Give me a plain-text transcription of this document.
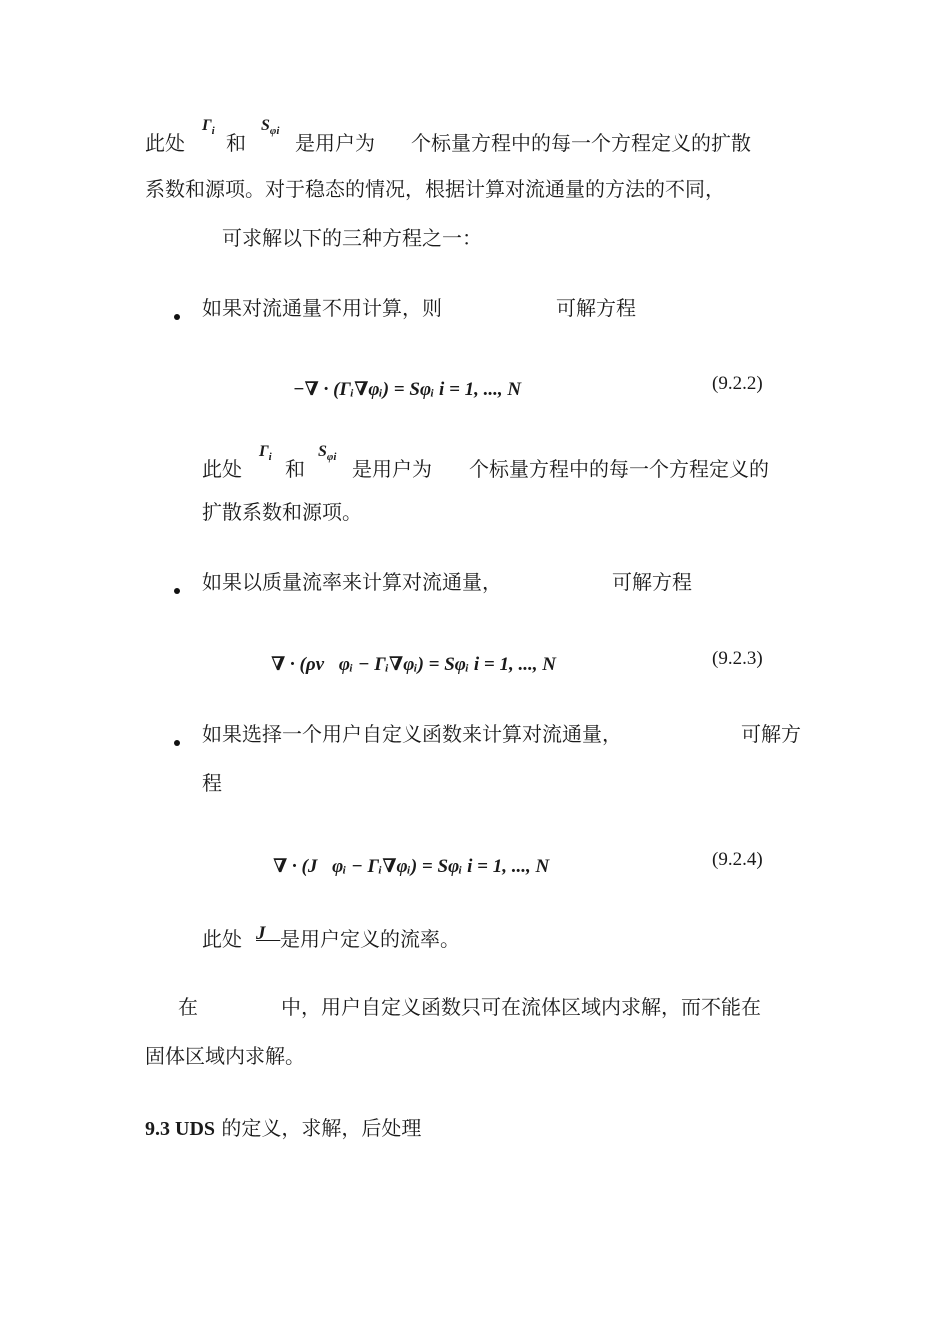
此处
$\Gamma_i$ 和
$S_{\varphi i}$ 是用户为 个标量方程中的每一个方程定义的扩散
系数和源项。对于稳态的情况，根据计算对流通量的方法的不同，
可求解以下的三种方程之一：
如果对流通量不用计算，则	可解方程
−∇ · (Γᵢ∇φᵢ) = Sφᵢ i = 1, ..., N	(9.2.2)
此处
$\Gamma_i$ 和
$S_{\varphi i}$ 是用户为 个标量方程中的每一个方程定义的
扩散系数和源项。
如果以质量流率来计算对流通量，	可解方程
∇ · (ρv⃗φᵢ − Γᵢ∇φᵢ) = Sφᵢ i = 1, ..., N	(9.2.3)
如果选择一个用户自定义函数来计算对流通量，	可解方
程
∇ · (J⃗φᵢ − Γᵢ∇φᵢ) = Sφᵢ i = 1, ..., N	(9.2.4)
此处 J⃗ 是用户定义的流率。
在	中，用户自定义函数只可在流体区域内求解，而不能在
固体区域内求解。
9.3 UDS 的定义，求解，后处理
